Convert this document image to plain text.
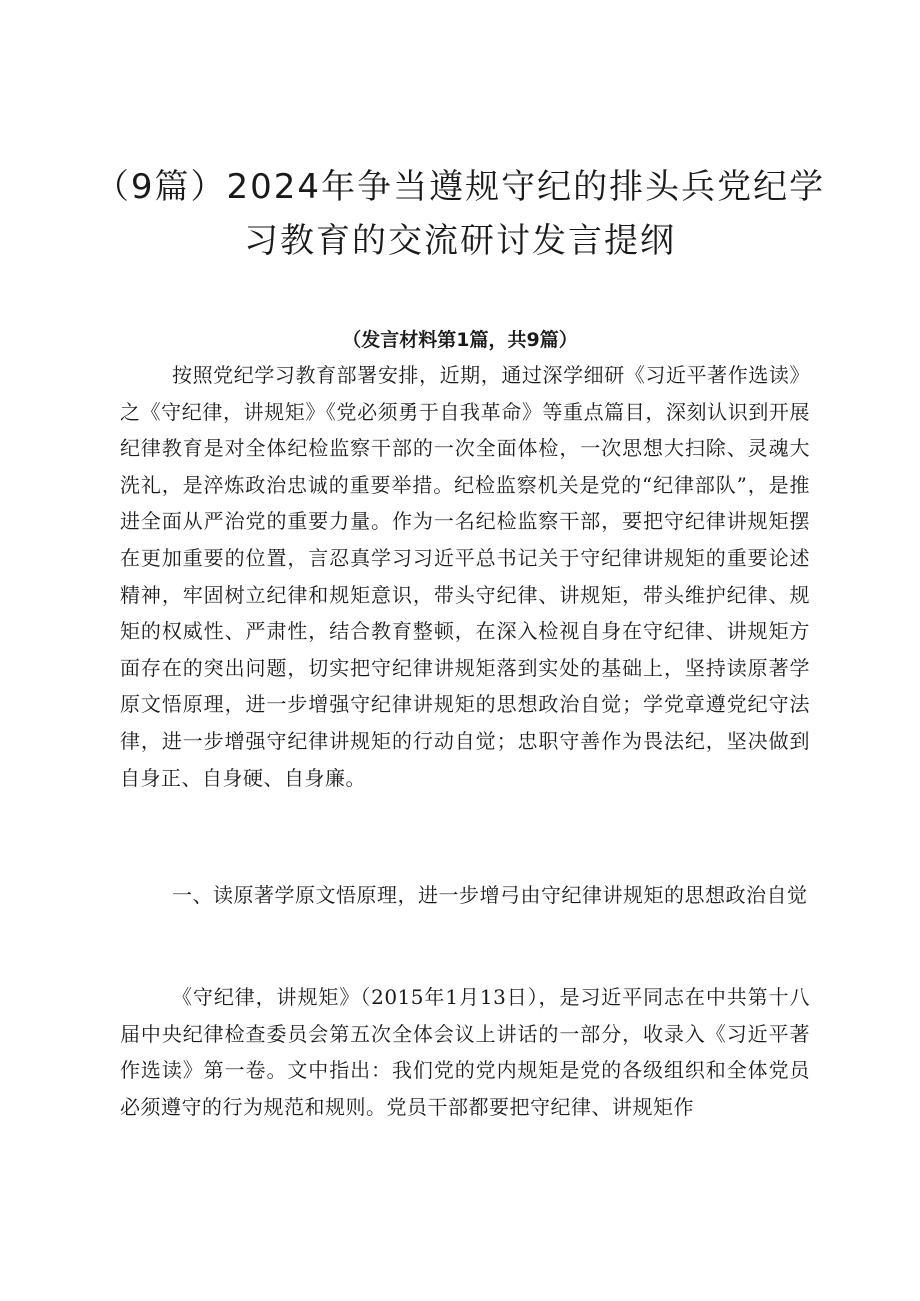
（9篇）2024年争当遵规守纪的排头兵党纪学
习教育的交流研讨发言提纲
（发言材料第1篇，共9篇）

按照党纪学习教育部署安排，近期，通过深学细研《习近平著作选读》之《守纪律，讲规矩》《党必须勇于自我革命》等重点篇目，深刻认识到开展纪律教育是对全体纪检监察干部的一次全面体检，一次思想大扫除、灵魂大洗礼，是淬炼政治忠诚的重要举措。纪检监察机关是党的“纪律部队”，是推进全面从严治党的重要力量。作为一名纪检监察干部，要把守纪律讲规矩摆在更加重要的位置，言忍真学习习近平总书记关于守纪律讲规矩的重要论述精神，牢固树立纪律和规矩意识，带头守纪律、讲规矩，带头维护纪律、规矩的权威性、严肃性，结合教育整顿，在深入检视自身在守纪律、讲规矩方面存在的突出问题，切实把守纪律讲规矩落到实处的基础上，坚持读原著学原文悟原理，进一步增强守纪律讲规矩的思想政治自觉；学党章遵党纪守法律，进一步增强守纪律讲规矩的行动自觉；忠职守善作为畏法纪，坚决做到自身正、自身硬、自身廉。

一、读原著学原文悟原理，进一步增弓由守纪律讲规矩的思想政治自觉

《守纪律，讲规矩》（2015年1月13日），是习近平同志在中共第十八届中央纪律检查委员会第五次全体会议上讲话的一部分，收录入《习近平著作选读》第一卷。文中指出：我们党的党内规矩是党的各级组织和全体党员必须遵守的行为规范和规则。党员干部都要把守纪律、讲规矩作
